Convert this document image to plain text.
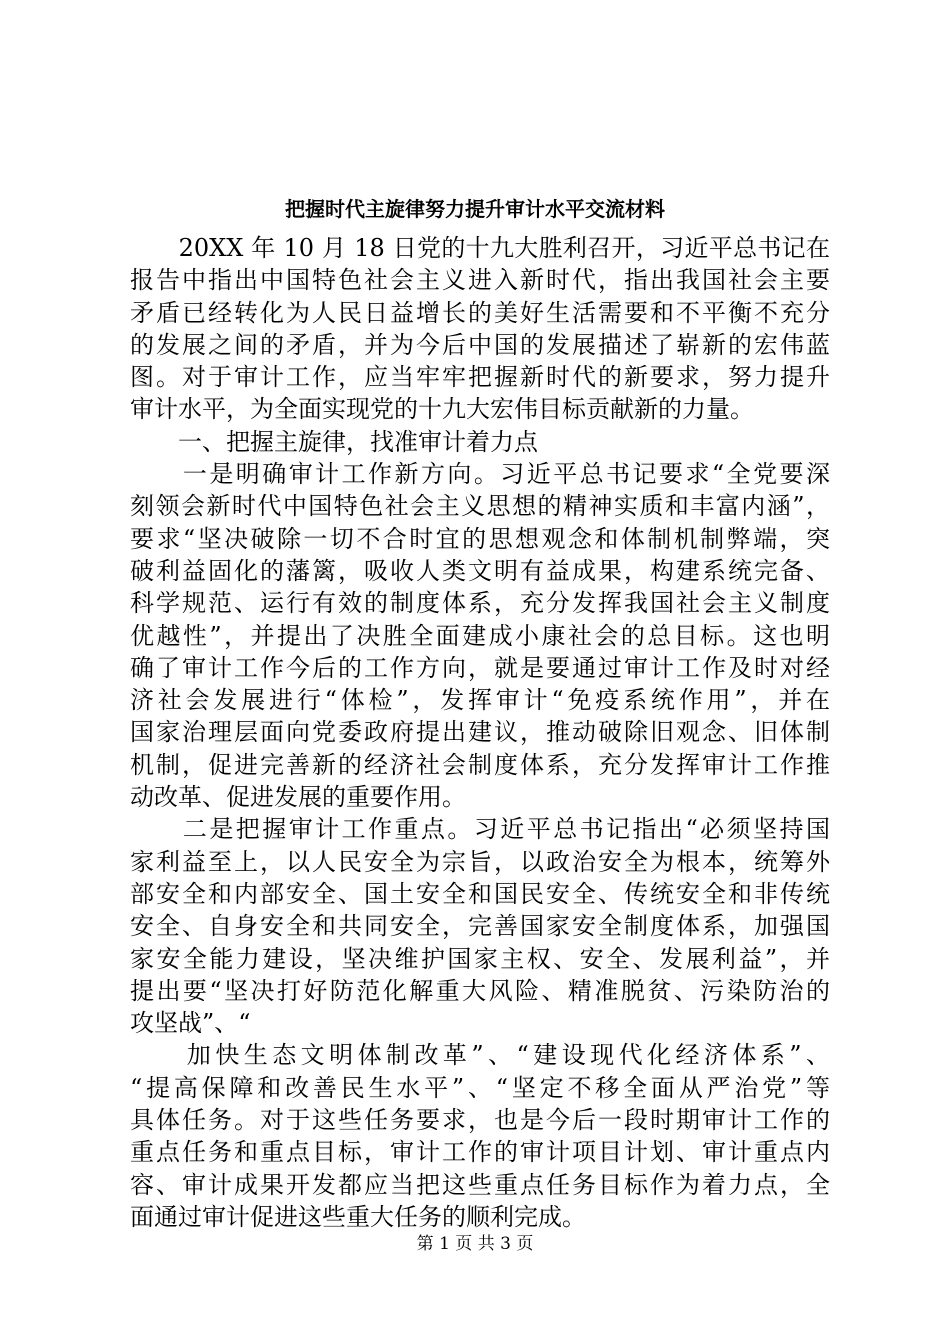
把握时代主旋律努力提升审计水平交流材料
　　20XX 年 10 月 18 日党的十九大胜利召开，习近平总书记在
报告中指出中国特色社会主义进入新时代，指出我国社会主要
矛盾已经转化为人民日益增长的美好生活需要和不平衡不充分
的发展之间的矛盾，并为今后中国的发展描述了崭新的宏伟蓝
图。对于审计工作，应当牢牢把握新时代的新要求，努力提升
审计水平，为全面实现党的十九大宏伟目标贡献新的力量。
　　一、把握主旋律，找准审计着力点
　　一是明确审计工作新方向。习近平总书记要求“全党要深
刻领会新时代中国特色社会主义思想的精神实质和丰富内涵”，
要求“坚决破除一切不合时宜的思想观念和体制机制弊端，突
破利益固化的藩篱，吸收人类文明有益成果，构建系统完备、
科学规范、运行有效的制度体系，充分发挥我国社会主义制度
优越性”，并提出了决胜全面建成小康社会的总目标。这也明
确了审计工作今后的工作方向，就是要通过审计工作及时对经
济社会发展进行“体检”，发挥审计“免疫系统作用”，并在
国家治理层面向党委政府提出建议，推动破除旧观念、旧体制
机制，促进完善新的经济社会制度体系，充分发挥审计工作推
动改革、促进发展的重要作用。
　　二是把握审计工作重点。习近平总书记指出“必须坚持国
家利益至上，以人民安全为宗旨，以政治安全为根本，统筹外
部安全和内部安全、国土安全和国民安全、传统安全和非传统
安全、自身安全和共同安全，完善国家安全制度体系，加强国
家安全能力建设，坚决维护国家主权、安全、发展利益”，并
提出要“坚决打好防范化解重大风险、精准脱贫、污染防治的
攻坚战”、“
　　加快生态文明体制改革”、“建设现代化经济体系”、
“提高保障和改善民生水平”、“坚定不移全面从严治党”等
具体任务。对于这些任务要求，也是今后一段时期审计工作的
重点任务和重点目标，审计工作的审计项目计划、审计重点内
容、审计成果开发都应当把这些重点任务目标作为着力点，全
面通过审计促进这些重大任务的顺利完成。
第 1 页 共 3 页
